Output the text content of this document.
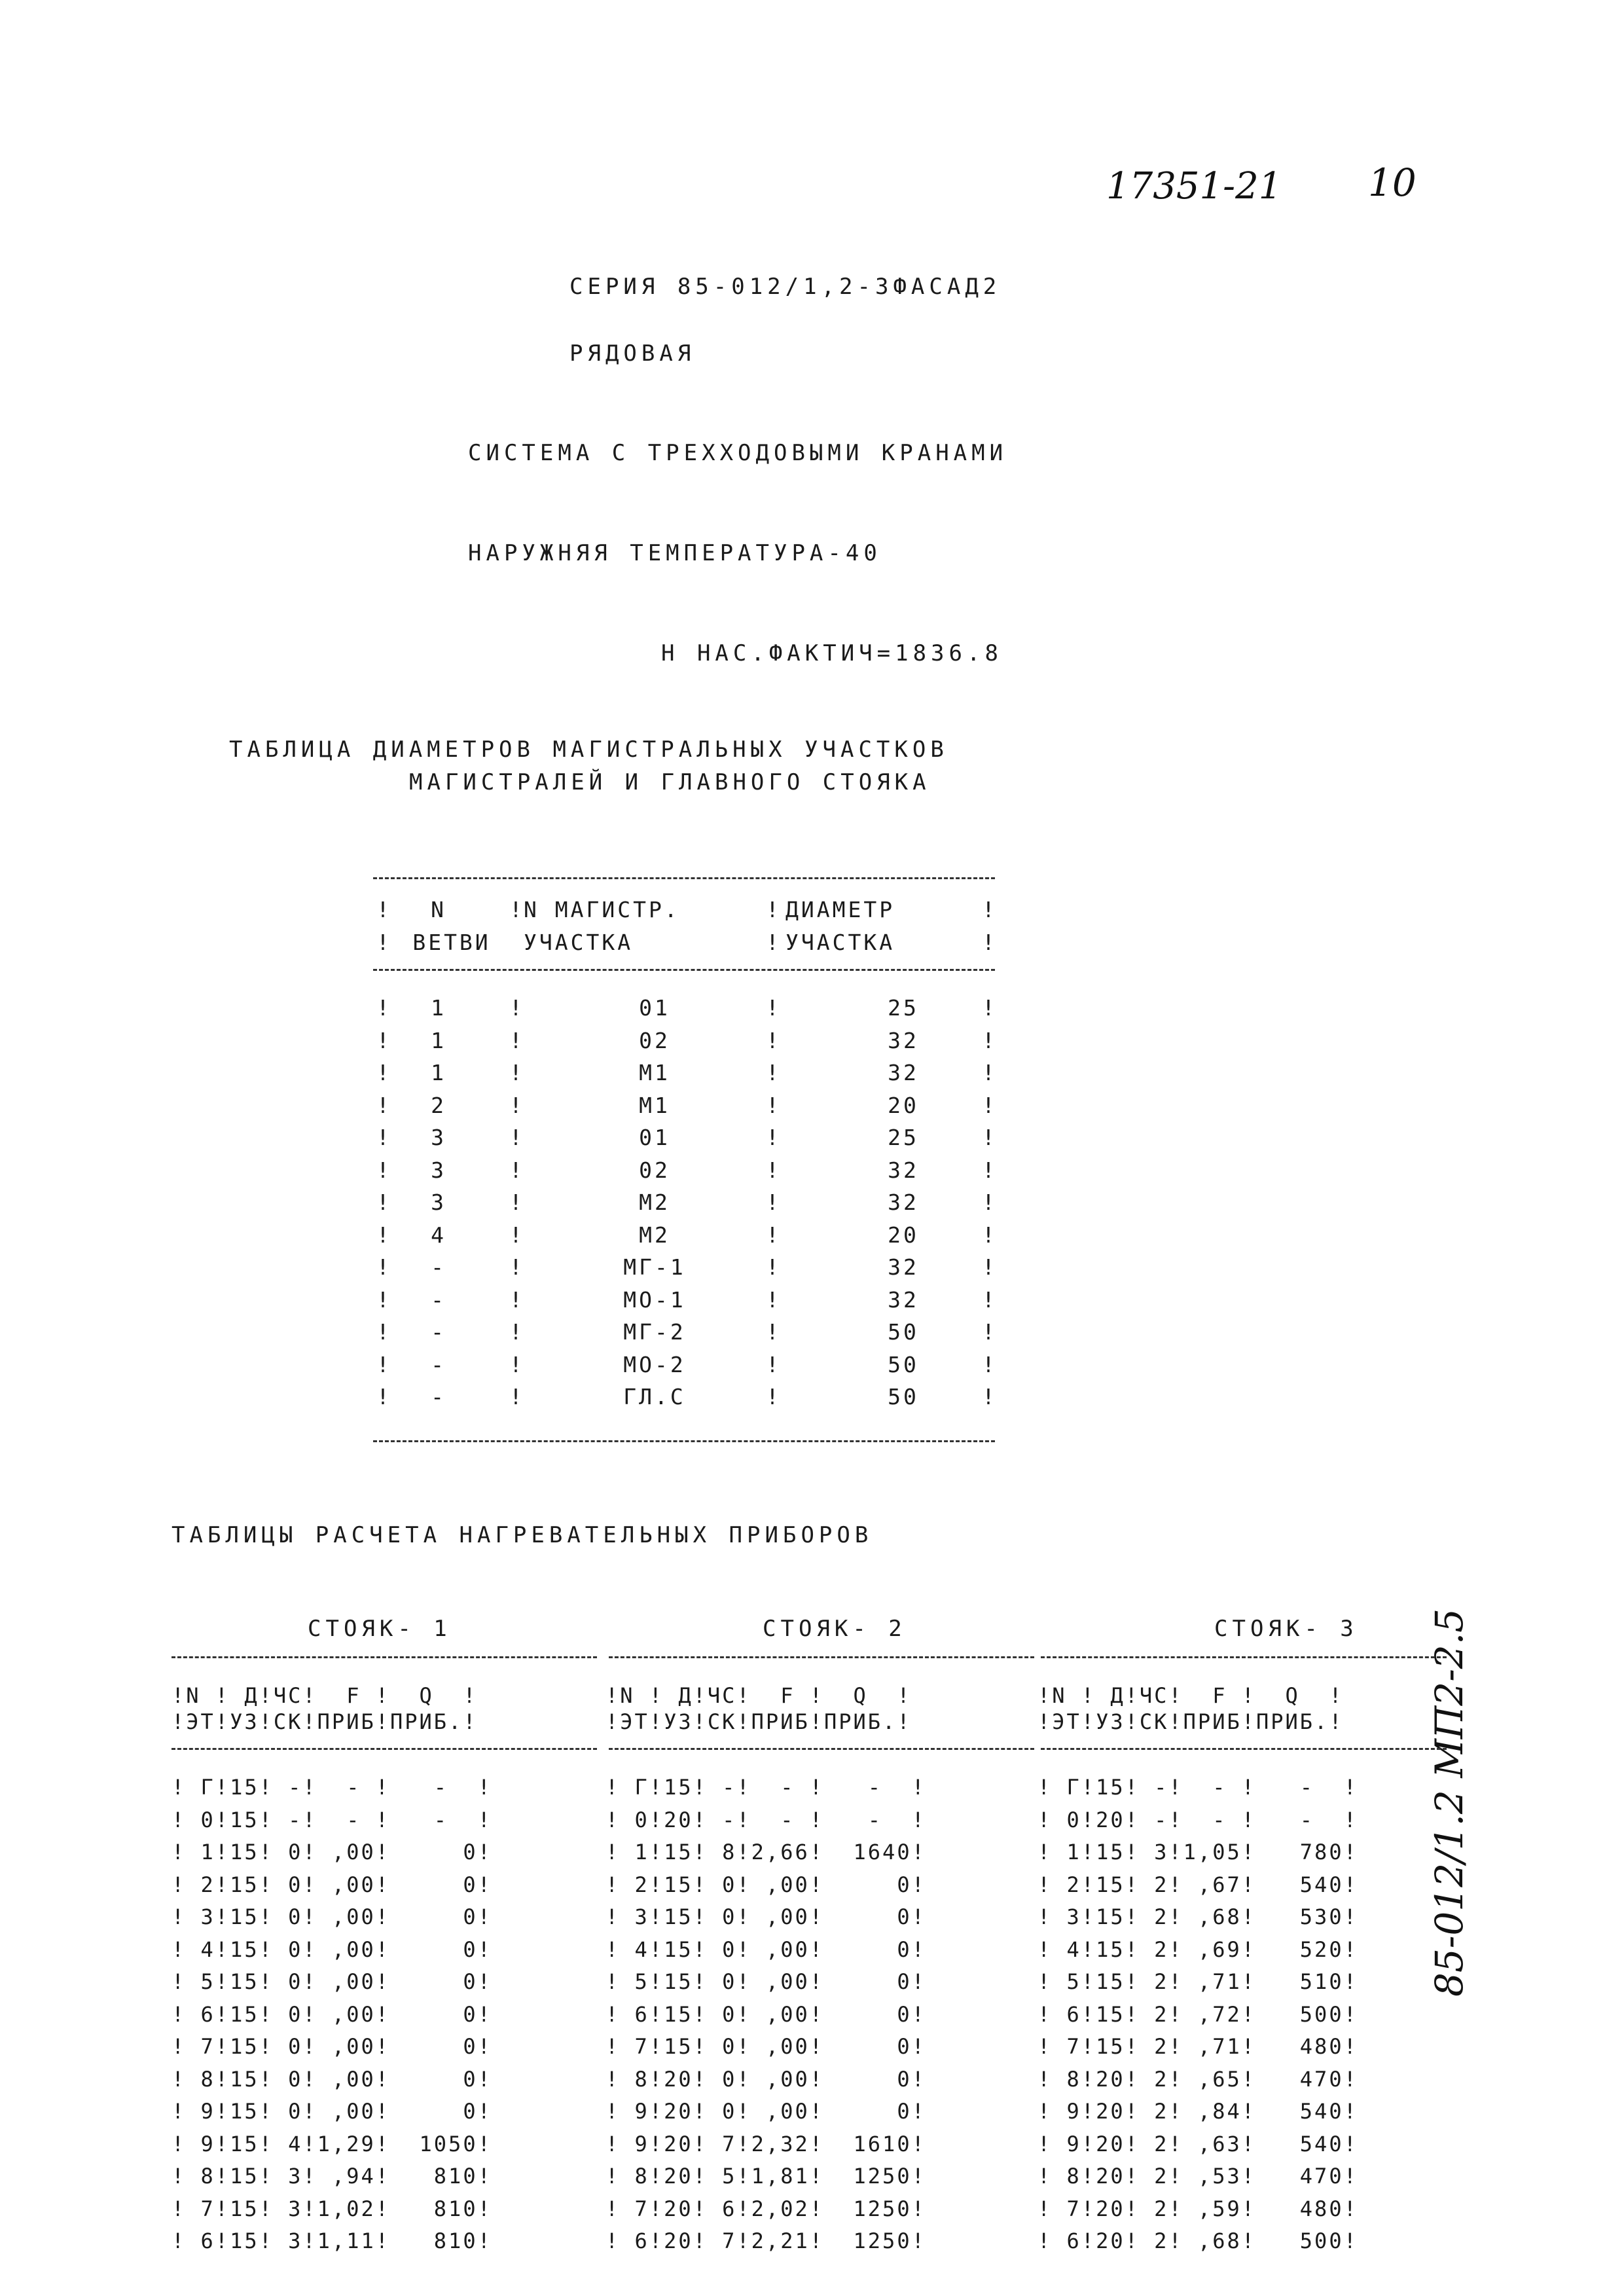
17351-21 10
85-012/1.2 МП2-2.5
СЕРИЯ 85-012/1,2-3ФАСАД2
РЯДОВАЯ
СИСТЕМА С ТРЕХХОДОВЫМИ КРАНАМИ
НАРУЖНЯЯ ТЕМПЕРАТУРА-40
Н НАС.ФАКТИЧ=1836.8
ТАБЛИЦА ДИАМЕТРОВ МАГИСТРАЛЬНЫХ УЧАСТКОВ
МАГИСТРАЛЕЙ И ГЛАВНОГО СТОЯКА
!	N	! N МАГИСТР.	! ДИАМЕТР	!
!	ВЕТВИ	УЧАСТКА	! УЧАСТКА	!
!	1	!	01	!	25	!
!	1	!	02	!	32	!
!	1	!	М1	!	32	!
!	2	!	М1	!	20	!
!	3	!	01	!	25	!
!	3	!	02	!	32	!
!	3	!	М2	!	32	!
!	4	!	М2	!	20	!
!	-	!	МГ-1	!	32	!
!	-	!	МО-1	!	32	!
!	-	!	МГ-2	!	50	!
!	-	!	МО-2	!	50	!
!	-	!	ГЛ.С	!	50	!
ТАБЛИЦЫ РАСЧЕТА НАГРЕВАТЕЛЬНЫХ ПРИБОРОВ
СТОЯК- 1	СТОЯК- 2	СТОЯК- 3
!N ! Д!ЧС!  F !  Q  !
!ЭТ!УЗ!СК!ПРИБ!ПРИБ.!
!N ! Д!ЧС!  F !  Q  !
!ЭТ!УЗ!СК!ПРИБ!ПРИБ.!
!N ! Д!ЧС!  F !  Q  !
!ЭТ!УЗ!СК!ПРИБ!ПРИБ.!
! Г!15! -!  - !   -  !
! 0!15! -!  - !   -  !
! 1!15! 0! ,00!     0!
! 2!15! 0! ,00!     0!
! 3!15! 0! ,00!     0!
! 4!15! 0! ,00!     0!
! 5!15! 0! ,00!     0!
! 6!15! 0! ,00!     0!
! 7!15! 0! ,00!     0!
! 8!15! 0! ,00!     0!
! 9!15! 0! ,00!     0!
! 9!15! 4!1,29!  1050!
! 8!15! 3! ,94!   810!
! 7!15! 3!1,02!   810!
! 6!15! 3!1,11!   810!
! Г!15! -!  - !   -  !
! 0!20! -!  - !   -  !
! 1!15! 8!2,66!  1640!
! 2!15! 0! ,00!     0!
! 3!15! 0! ,00!     0!
! 4!15! 0! ,00!     0!
! 5!15! 0! ,00!     0!
! 6!15! 0! ,00!     0!
! 7!15! 0! ,00!     0!
! 8!20! 0! ,00!     0!
! 9!20! 0! ,00!     0!
! 9!20! 7!2,32!  1610!
! 8!20! 5!1,81!  1250!
! 7!20! 6!2,02!  1250!
! 6!20! 7!2,21!  1250!
! Г!15! -!  - !   -  !
! 0!20! -!  - !   -  !
! 1!15! 3!1,05!   780!
! 2!15! 2! ,67!   540!
! 3!15! 2! ,68!   530!
! 4!15! 2! ,69!   520!
! 5!15! 2! ,71!   510!
! 6!15! 2! ,72!   500!
! 7!15! 2! ,71!   480!
! 8!20! 2! ,65!   470!
! 9!20! 2! ,84!   540!
! 9!20! 2! ,63!   540!
! 8!20! 2! ,53!   470!
! 7!20! 2! ,59!   480!
! 6!20! 2! ,68!   500!
